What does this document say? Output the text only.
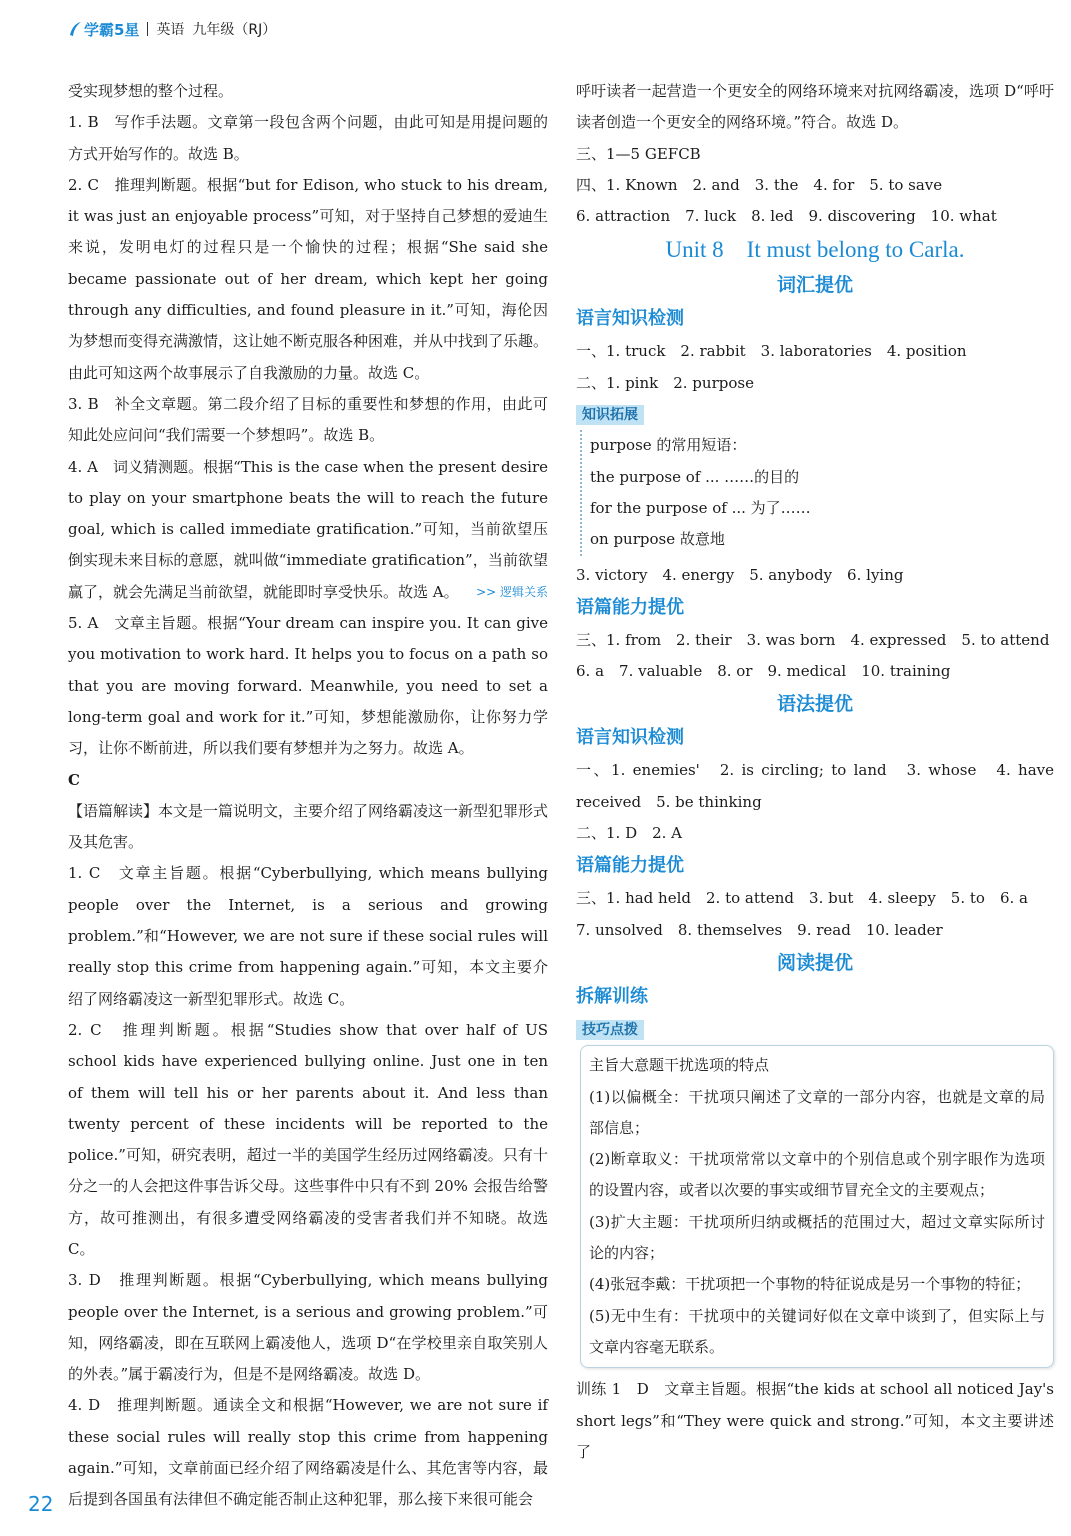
学霸5星 英语 九年级（RJ）

受实现梦想的整个过程。

1. B　写作手法题。文章第一段包含两个问题，由此可知是用提问题的方式开始写作的。故选 B。

2. C　推理判断题。根据“but for Edison, who stuck to his dream, it was just an enjoyable process”可知，对于坚持自己梦想的爱迪生来说，发明电灯的过程只是一个愉快的过程；根据“She said she became passionate out of her dream, which kept her going through any difficulties, and found pleasure in it.”可知，海伦因为梦想而变得充满激情，这让她不断克服各种困难，并从中找到了乐趣。由此可知这两个故事展示了自我激励的力量。故选 C。

3. B　补全文章题。第二段介绍了目标的重要性和梦想的作用，由此可知此处应问问“我们需要一个梦想吗”。故选 B。

4. A　词义猜测题。根据“This is the case when the present desire to play on your smartphone beats the will to reach the future goal, which is called immediate gratification.”可知，当前欲望压倒实现未来目标的意愿，就叫做“immediate gratification”，当前欲望赢了，就会先满足当前欲望，就能即时享受快乐。故选 A。 >> 逻辑关系

5. A　文章主旨题。根据“Your dream can inspire you. It can give you motivation to work hard. It helps you to focus on a path so that you are moving forward. Meanwhile, you need to set a long-term goal and work for it.”可知，梦想能激励你，让你努力学习，让你不断前进，所以我们要有梦想并为之努力。故选 A。

C

【语篇解读】本文是一篇说明文，主要介绍了网络霸凌这一新型犯罪形式及其危害。

1. C　文章主旨题。根据“Cyberbullying, which means bullying people over the Internet, is a serious and growing problem.”和“However, we are not sure if these social rules will really stop this crime from happening again.”可知，本文主要介绍了网络霸凌这一新型犯罪形式。故选 C。

2. C　推理判断题。根据“Studies show that over half of US school kids have experienced bullying online. Just one in ten of them will tell his or her parents about it. And less than twenty percent of these incidents will be reported to the police.”可知，研究表明，超过一半的美国学生经历过网络霸凌。只有十分之一的人会把这件事告诉父母。这些事件中只有不到 20% 会报告给警方，故可推测出，有很多遭受网络霸凌的受害者我们并不知晓。故选 C。

3. D　推理判断题。根据“Cyberbullying, which means bullying people over the Internet, is a serious and growing problem.”可知，网络霸凌，即在互联网上霸凌他人，选项 D“在学校里亲自取笑别人的外表。”属于霸凌行为，但是不是网络霸凌。故选 D。

4. D　推理判断题。通读全文和根据“However, we are not sure if these social rules will really stop this crime from happening again.”可知，文章前面已经介绍了网络霸凌是什么、其危害等内容，最后提到各国虽有法律但不确定能否制止这种犯罪，那么接下来很可能会

呼吁读者一起营造一个更安全的网络环境来对抗网络霸凌，选项 D“呼吁读者创造一个更安全的网络环境。”符合。故选 D。

三、1—5 GEFCB

四、1. Known　2. and　3. the　4. for　5. to save

6. attraction　7. luck　8. led　9. discovering　10. what

Unit 8　It must belong to Carla.
词汇提优
语言知识检测

一、1. truck　2. rabbit　3. laboratories　4. position

二、1. pink　2. purpose

知识拓展

purpose 的常用短语：

the purpose of ... ……的目的

for the purpose of ... 为了……

on purpose 故意地

3. victory　4. energy　5. anybody　6. lying

语篇能力提优

三、1. from　2. their　3. was born　4. expressed　5. to attend

6. a　7. valuable　8. or　9. medical　10. training

语法提优
语言知识检测

一、1. enemies'　2. is circling; to land　3. whose　4. have received　5. be thinking

二、1. D　2. A

语篇能力提优

三、1. had held　2. to attend　3. but　4. sleepy　5. to　6. a

7. unsolved　8. themselves　9. read　10. leader

阅读提优
拆解训练
技巧点拨

主旨大意题干扰选项的特点

(1)以偏概全：干扰项只阐述了文章的一部分内容，也就是文章的局部信息；

(2)断章取义：干扰项常常以文章中的个别信息或个别字眼作为选项的设置内容，或者以次要的事实或细节冒充全文的主要观点；

(3)扩大主题：干扰项所归纳或概括的范围过大，超过文章实际所讨论的内容；

(4)张冠李戴：干扰项把一个事物的特征说成是另一个事物的特征；

(5)无中生有：干扰项中的关键词好似在文章中谈到了，但实际上与文章内容毫无联系。

训练 1　D　文章主旨题。根据“the kids at school all noticed Jay's short legs”和“They were quick and strong.”可知，本文主要讲述了

22
